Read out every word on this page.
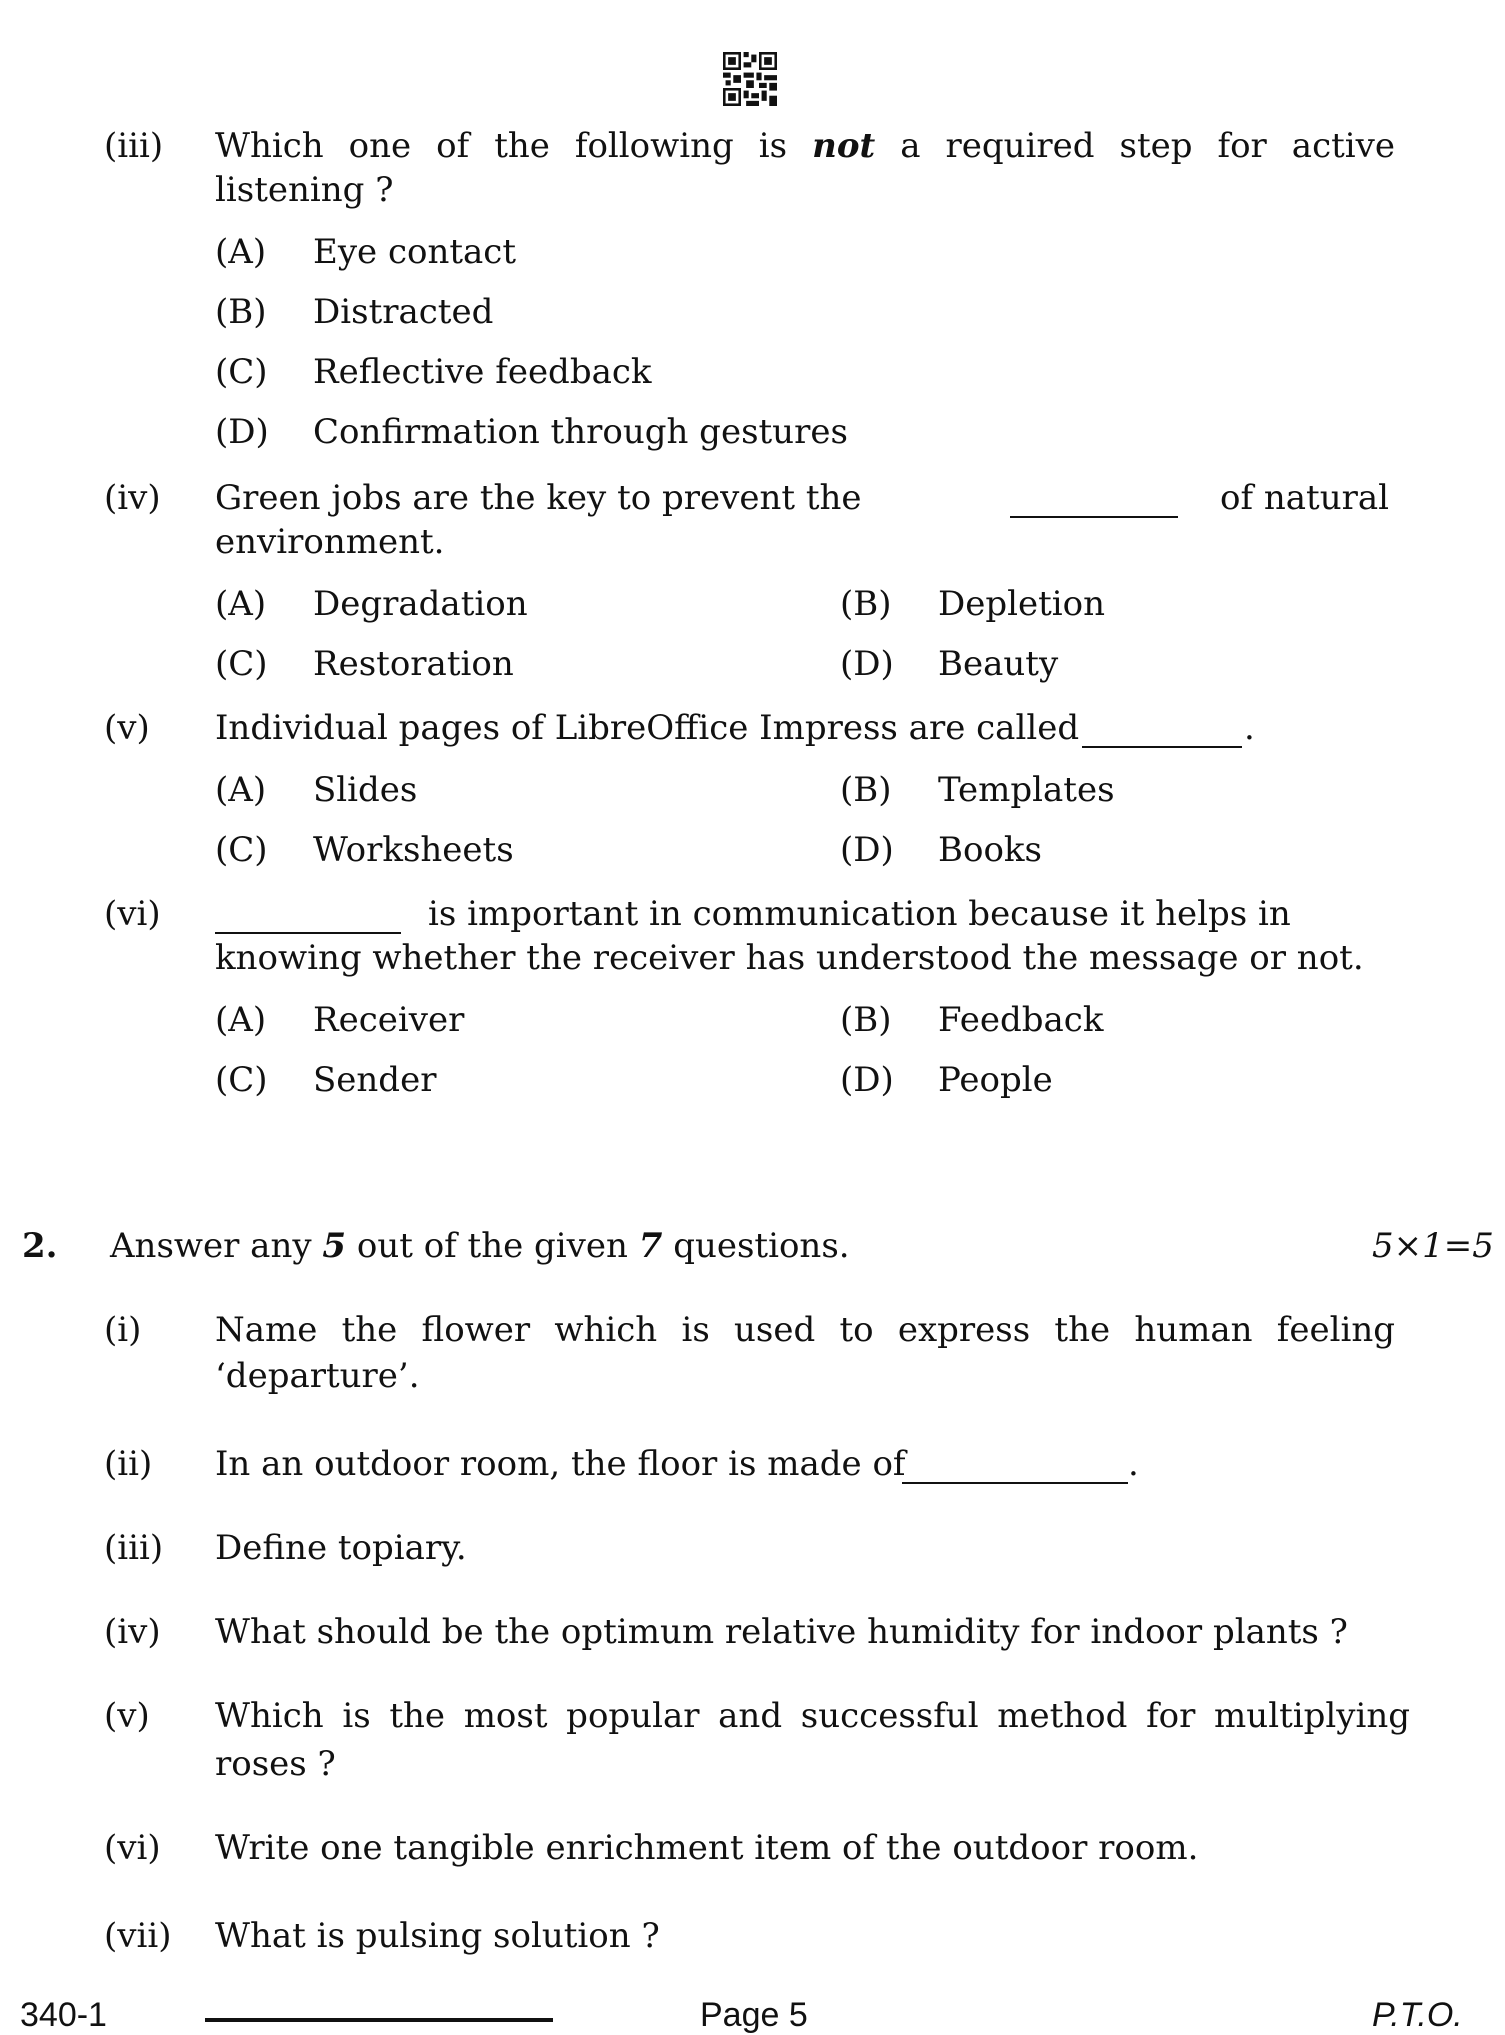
(iii) Which one of the following is not a required step for active
listening ?
(A) Eye contact
(B) Distracted
(C) Reflective feedback
(D) Confirmation through gestures
(iv) Green jobs are the key to prevent the	of natural
environment.
(A) Degradation	(B) Depletion
(C) Restoration	(D) Beauty
(v) Individual pages of LibreOffice Impress are called	.
(A) Slides	(B) Templates
(C) Worksheets	(D) Books
(vi)	is important in communication because it helps in
knowing whether the receiver has understood the message or not.
(A) Receiver	(B) Feedback
(C) Sender	(D) People
2. Answer any 5 out of the given 7 questions.	5×1=5
(i) Name the flower which is used to express the human feeling
‘departure’.
(ii) In an outdoor room, the floor is made of	.
(iii) Define topiary.
(iv) What should be the optimum relative humidity for indoor plants ?
(v) Which is the most popular and successful method for multiplying
roses ?
(vi) Write one tangible enrichment item of the outdoor room.
(vii) What is pulsing solution ?
340-1	Page 5	P.T.O.
